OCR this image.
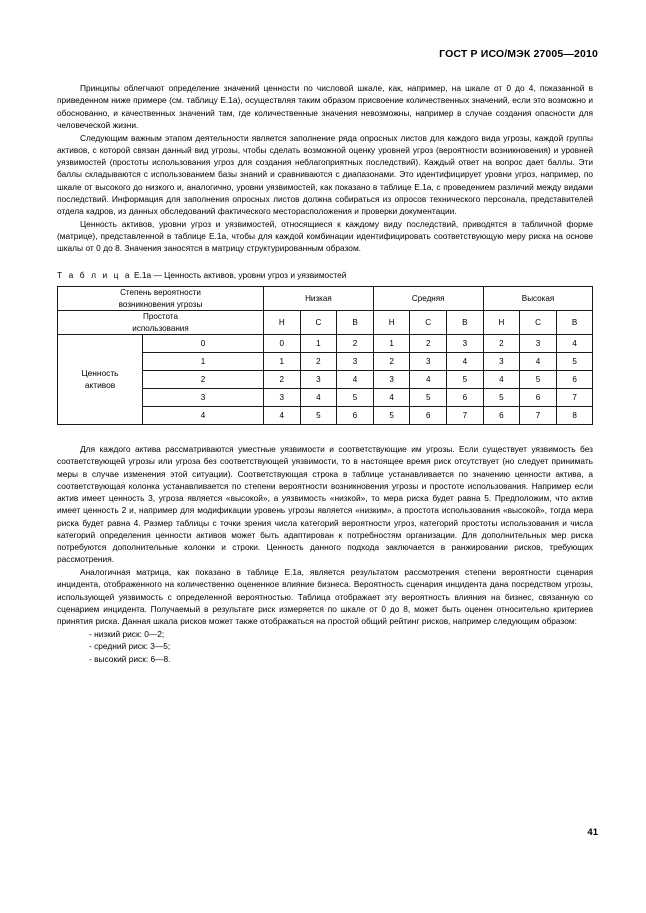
ГОСТ Р ИСО/МЭК 27005—2010

Принципы облегчают определение значений ценности по числовой шкале, как, например, на шкале от 0 до 4, показанной в приведенном ниже примере (см. таблицу Е.1а), осуществляя таким образом присвоение количественных значений, если это возможно и обоснованно, и качественных значений там, где количественные значения невозможны, например в случае создания опасности для человеческой жизни.

Следующим важным этапом деятельности является заполнение ряда опросных листов для каждого вида угрозы, каждой группы активов, с которой связан данный вид угрозы, чтобы сделать возможной оценку уровней угроз (вероятности возникновения) и уровней уязвимостей (простоты использования угроз для создания неблагоприятных последствий). Каждый ответ на вопрос дает баллы. Эти баллы складываются с использованием базы знаний и сравниваются с диапазонами. Это идентифицирует уровни угроз, например, по шкале от высокого до низкого и, аналогично, уровни уязвимостей, как показано в таблице Е.1а, с проведением различий между видами последствий. Информация для заполнения опросных листов должна собираться из опросов технического персонала, представителей отдела кадров, из данных обследований фактического месторасположения и проверки документации.

Ценность активов, уровни угроз и уязвимостей, относящиеся к каждому виду последствий, приводятся в табличной форме (матрице), представленной в таблице Е.1а, чтобы для каждой комбинации идентифицировать соответствующую меру риска на основе шкалы от 0 до 8. Значения заносятся в матрицу структурированным образом.

Т а б л и ц а Е.1а — Ценность активов, уровни угроз и уязвимостей
Степень вероятности
возникновения угрозы		Низкая			Средняя			Высокая		

Простота
использования		Н	С	В	Н	С	В	Н	С	В

Ценность
активов	0	0	1	2	1	2	3	2	3	4
	1	1	2	3	2	3	4	3	4	5
	2	2	3	4	3	4	5	4	5	6
	3	3	4	5	4	5	6	5	6	7
	4	4	5	6	5	6	7	6	7	8

Для каждого актива рассматриваются уместные уязвимости и соответствующие им угрозы. Если существует уязвимость без соответствующей угрозы или угроза без соответствующей уязвимости, то в настоящее время риск отсутствует (но следует принимать меры в случае изменения этой ситуации). Соответствующая строка в таблице устанавливается по значению ценности актива, а соответствующая колонка устанавливается по степени вероятности возникновения угрозы и простоте использования. Например если актив имеет ценность 3, угроза является «высокой», а уязвимость «низкой», то мера риска будет равна 5. Предположим, что актив имеет ценность 2 и, например для модификации уровень угрозы является «низким», а простота использования «высокой», тогда мера риска будет равна 4. Размер таблицы с точки зрения числа категорий вероятности угроз, категорий простоты использования и числа категорий определения ценности активов может быть адаптирован к потребностям организации. Для дополнительных мер риска потребуются дополнительные колонки и строки. Ценность данного подхода заключается в ранжировании рисков, требующих рассмотрения.

Аналогичная матрица, как показано в таблице Е.1а, является результатом рассмотрения степени вероятности сценария инцидента, отображенного на количественно оцененное влияние бизнеса. Вероятность сценария инцидента дана посредством угрозы, использующей уязвимость с определенной вероятностью. Таблица отображает эту вероятность влияния на бизнес, связанную со сценарием инцидента. Получаемый в результате риск измеряется по шкале от 0 до 8, может быть оценен относительно критериев принятия риска. Данная шкала рисков может также отображаться на простой общий рейтинг рисков, например следующим образом:

- низкий риск: 0—2;
- средний риск: 3—5;
- высокий риск: 6—8.
41
